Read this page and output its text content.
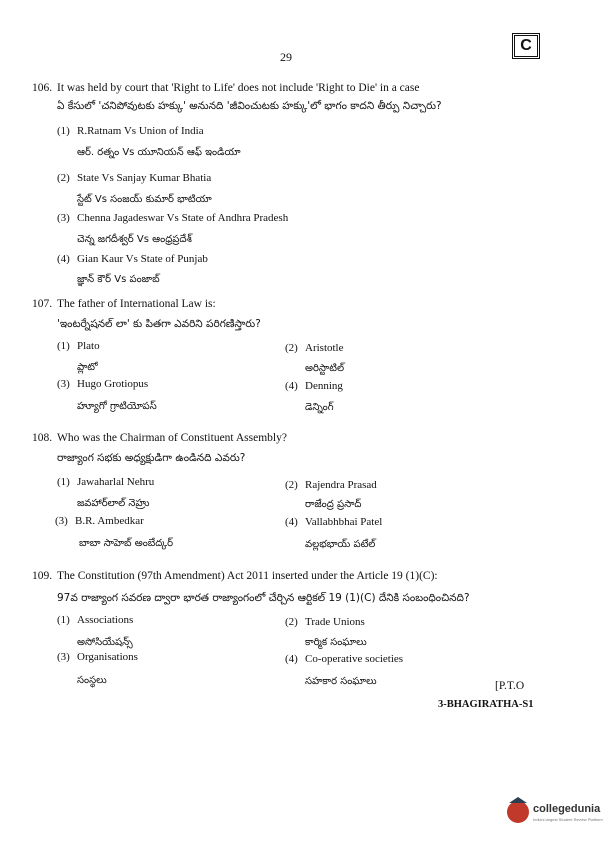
29
C
106. It was held by court that 'Right to Life' does not include 'Right to Die' in a case
ఏ కేసులో 'చనిపోవుటకు హక్కు' అనునది 'జీవించుటకు హక్కు'లో భాగం కాదని తీర్పు నిచ్చారు?
(1) R.Ratnam Vs Union of India
ఆర్. రత్నం Vs యూనియన్ ఆఫ్ ఇండియా
(2) State Vs Sanjay Kumar Bhatia
స్టేట్ Vs సంజయ్ కుమార్ భాటియా
(3) Chenna Jagadeswar Vs State of Andhra Pradesh
చెన్న జగదీశ్వర్ Vs ఆంధ్రప్రదేశ్
(4) Gian Kaur Vs State of Punjab
జ్ఞాన్ కౌర్ Vs పంజాబ్
107. The father of International Law is:
'ఇంటర్నేషనల్ లా' కు పితగా ఎవరిని పరిగణిస్తారు?
(1) Plato
ప్లాటో
(2) Aristotle
అరిస్టాటిల్
(3) Hugo Grotiopus
హ్యూగో గ్రాటియోపస్
(4) Denning
డెన్నింగ్
108. Who was the Chairman of Constituent Assembly?
రాజ్యాంగ సభకు అధ్యక్షుడిగా ఉండినది ఎవరు?
(1) Jawaharlal Nehru
జవహార్‌లాల్ నెహ్రు
(2) Rajendra Prasad
రాజేంద్ర ప్రసాద్
(3) B.R. Ambedkar
బాబా సాహెబ్ అంబేద్కర్
(4) Vallabhbhai Patel
వల్లభభాయ్ పటేల్
109. The Constitution (97th Amendment) Act 2011 inserted under the Article 19 (1)(C):
97వ రాజ్యాంగ సవరణ ద్వారా భారత రాజ్యాంగంలో చేర్చిన ఆర్టికల్ 19 (1)(C) దేనికి సంబంధించినది?
(1) Associations
అసోసియేషన్స్
(2) Trade Unions
కార్మిక సంఘాలు
(3) Organisations
సంస్థలు
(4) Co-operative societies
సహకార సంఘాలు	[P.T.O
3-BHAGIRATHA-S1
collegedunia
India's largest Student Review Platform
